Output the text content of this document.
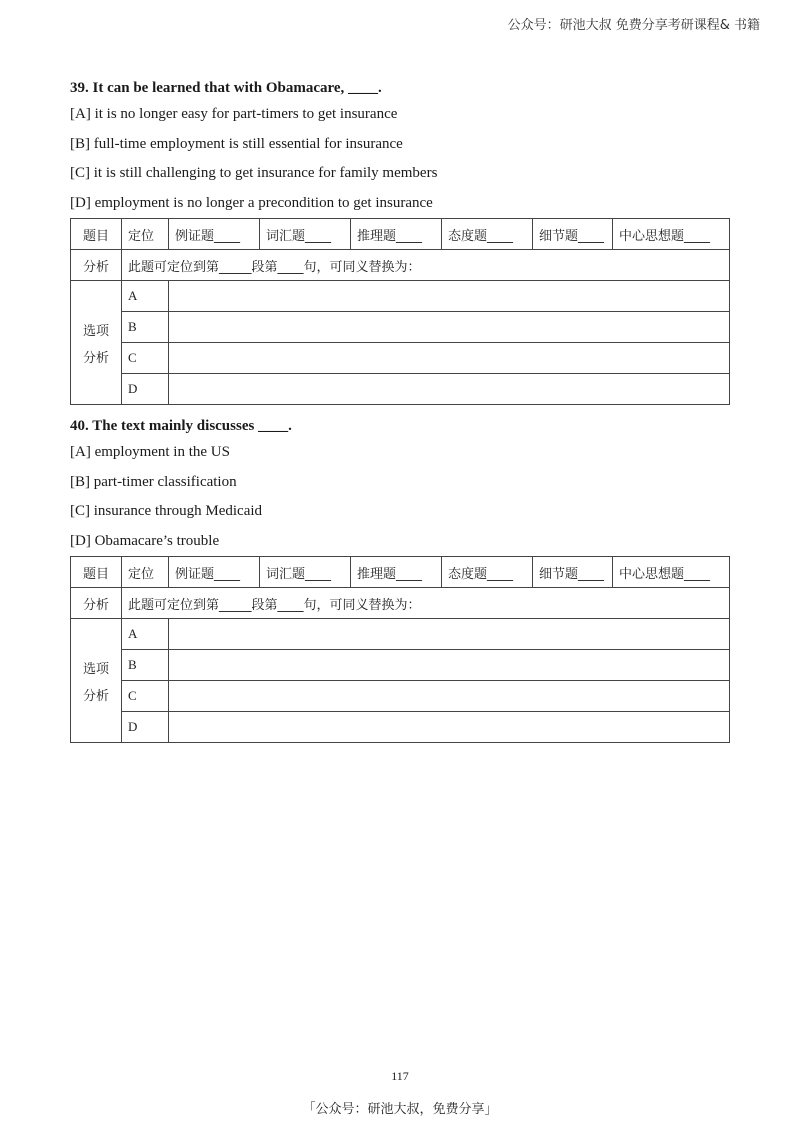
公众号：研池大叔 免费分享考研课程& 书籍
39. It can be learned that with Obamacare, ____.
[A] it is no longer easy for part-timers to get insurance
[B] full-time employment is still essential for insurance
[C] it is still challenging to get insurance for family members
[D] employment is no longer a precondition to get insurance
题目	定位	例证题____	词汇题____	推理题____	态度题____	细节题____	中心思想题____
分析	此题可定位到第_____段第____句，可同义替换为：						

选项
分析	A						
	B						
	C						
	D						
40. The text mainly discusses ____.
[A] employment in the US
[B] part-timer classification
[C] insurance through Medicaid
[D] Obamacare’s trouble
题目	定位	例证题____	词汇题____	推理题____	态度题____	细节题____	中心思想题____
分析	此题可定位到第_____段第____句，可同义替换为：						

选项
分析	A						
	B						
	C						
	D						
117
「公众号：研池大叔，免费分享」
